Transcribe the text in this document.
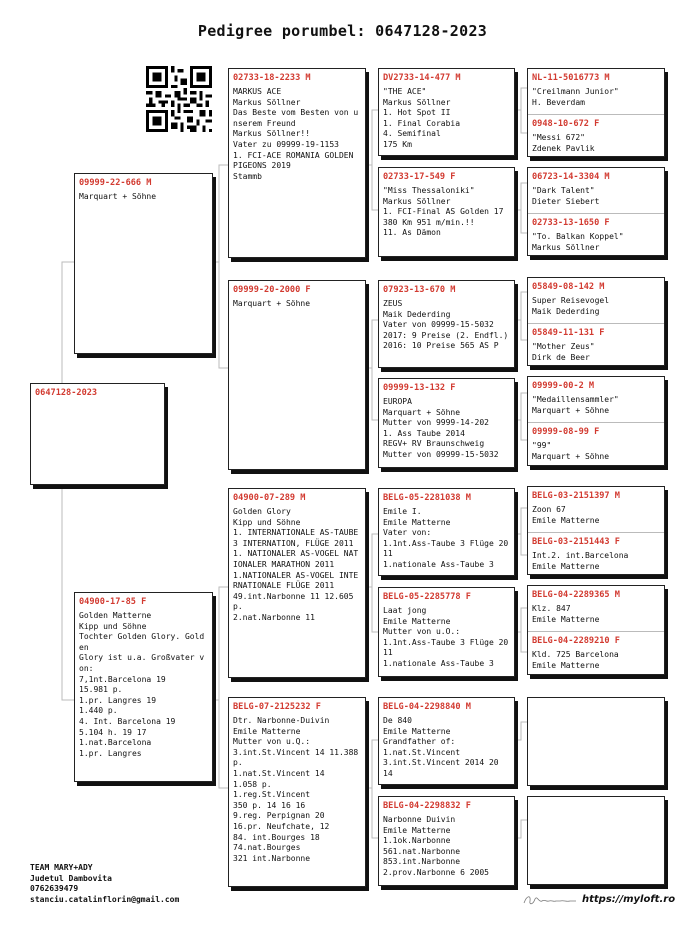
Pedigree porumbel: 0647128-2023
0647128-2023
09999-22-666 M
Marquart + Söhne
04900-17-85 F
Golden Matterne
Kipp und Söhne
Tochter Golden Glory. Golden
Glory ist u.a. Großvater von:
7,1nt.Barcelona 19
15.981 p.
1.pr. Langres 19
1.440 p.
4. Int. Barcelona 19
5.104 h. 19 17
1.nat.Barcelona
1.pr. Langres
02733-18-2233 M
MARKUS ACE
Markus Söllner
Das Beste vom Besten von unserem Freund
Markus Söllner!!
Vater zu 09999-19-1153
1. FCI-ACE ROMANIA GOLDEN PIGEONS 2019
Stammb
09999-20-2000 F
Marquart + Söhne
04900-07-289 M
Golden Glory
Kipp und Söhne
1. INTERNATIONALE AS-TAUBE
3 INTERNATION, FLÜGE 2011
1. NATIONALER AS-VOGEL NATIONALER MARATHON 2011
1.NATIONALER AS-VOGEL INTERNATIONALE FLÜGE 2011
49.int.Narbonne 11 12.605 p.
2.nat.Narbonne 11
BELG-07-2125232 F
Dtr. Narbonne-Duivin
Emile Matterne
Mutter von u.Q.:
3.int.St.Vincent 14 11.388 p.
1.nat.St.Vincent 14
1.058 p.
1.reg.St.Vincent
350 p. 14 16 16
9.reg. Perpignan 20
16.pr. Neufchate, 12
84. int.Bourges 18
74.nat.Bourges
321 int.Narbonne
DV2733-14-477 M
"THE ACE"
Markus Söllner
1. Hot Spot II
1. Final Corabia
4. Semifinal
175 Km
02733-17-549 F
"Miss Thessaloniki"
Markus Söllner
1. FCI-Final AS Golden 17
380 Km 951 m/min.!!
11. As Dämon
07923-13-670 M
ZEUS
Maik Dederding
Vater von 09999-15-5032
2017: 9 Preise (2. Endfl.)
2016: 10 Preise 565 AS P
09999-13-132 F
EUROPA
Marquart + Söhne
Mutter von 9999-14-202
1. Ass Taube 2014
REGV+ RV Braunschweig
Mutter von 09999-15-5032
BELG-05-2281038 M
Emile I.
Emile Matterne
Vater von:
1.1nt.Ass-Taube 3 Flüge 2011
1.nationale Ass-Taube 3
BELG-05-2285778 F
Laat jong
Emile Matterne
Mutter von u.O.:
1.1nt.Ass-Taube 3 Flüge 2011
1.nationale Ass-Taube 3
BELG-04-2298840 M
De 840
Emile Matterne
Grandfather of:
1.nat.St.Vincent
3.int.St.Vincent 2014 20
14
BELG-04-2298832 F
Narbonne Duivin
Emile Matterne
1.1ok.Narbonne
561.nat.Narbonne
853.int.Narbonne
2.prov.Narbonne 6 2005
NL-11-5016773 M
"Creilmann Junior"
H. Beverdam
0948-10-672 F
"Messi 672"
Zdenek Pavlik
06723-14-3304 M
"Dark Talent"
Dieter Siebert
02733-13-1650 F
"To. Balkan Koppel"
Markus Söllner
05849-08-142 M
Super Reisevogel
Maik Dederding
05849-11-131 F
"Mother Zeus"
Dirk de Beer
09999-00-2 M
"Medaillensammler"
Marquart + Söhne
09999-08-99 F
"99"
Marquart + Söhne
BELG-03-2151397 M
Zoon 67
Emile Matterne
BELG-03-2151443 F
Int.2. int.Barcelona
Emile Matterne
BELG-04-2289365 M
Klz. 847
Emile Matterne
BELG-04-2289210 F
Kld. 725 Barcelona
Emile Matterne
TEAM MARY+ADY
Judetul Dambovita
0762639479
stanciu.catalinflorin@gmail.com	https://myloft.ro
